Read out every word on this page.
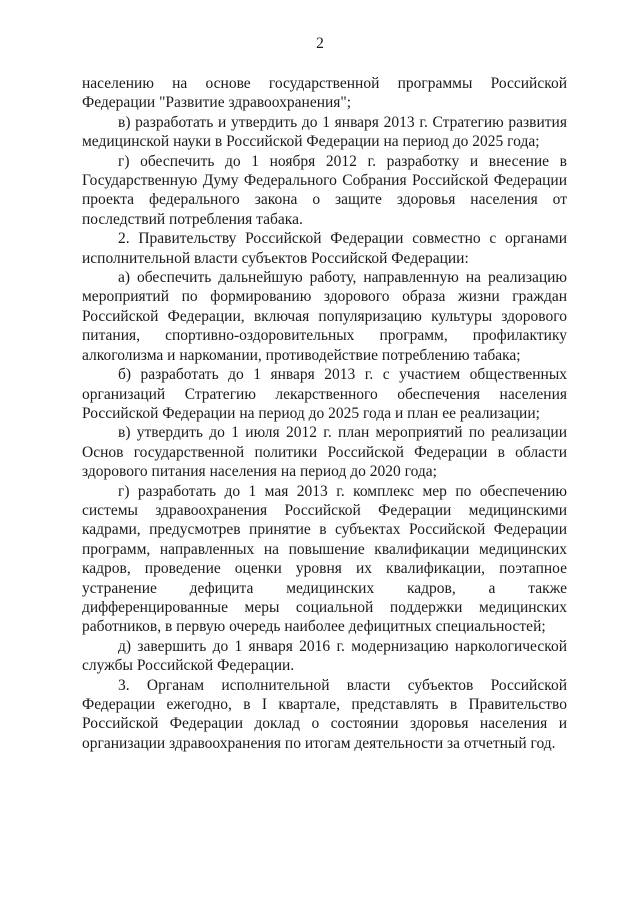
2

населению на основе государственной программы Российской Федерации "Развитие здравоохранения";

в) разработать и утвердить до 1 января 2013 г. Стратегию развития медицинской науки в Российской Федерации на период до 2025 года;

г) обеспечить до 1 ноября 2012 г. разработку и внесение в Государственную Думу Федерального Собрания Российской Федерации проекта федерального закона о защите здоровья населения от последствий потребления табака.

2. Правительству Российской Федерации совместно с органами исполнительной власти субъектов Российской Федерации:

а) обеспечить дальнейшую работу, направленную на реализацию мероприятий по формированию здорового образа жизни граждан Российской Федерации, включая популяризацию культуры здорового питания, спортивно-оздоровительных программ, профилактику алкоголизма и наркомании, противодействие потреблению табака;

б) разработать до 1 января 2013 г. с участием общественных организаций Стратегию лекарственного обеспечения населения Российской Федерации на период до 2025 года и план ее реализации;

в) утвердить до 1 июля 2012 г. план мероприятий по реализации Основ государственной политики Российской Федерации в области здорового питания населения на период до 2020 года;

г) разработать до 1 мая 2013 г. комплекс мер по обеспечению системы здравоохранения Российской Федерации медицинскими кадрами, предусмотрев принятие в субъектах Российской Федерации программ, направленных на повышение квалификации медицинских кадров, проведение оценки уровня их квалификации, поэтапное устранение дефицита медицинских кадров, а также дифференцированные меры социальной поддержки медицинских работников, в первую очередь наиболее дефицитных специальностей;

д) завершить до 1 января 2016 г. модернизацию наркологической службы Российской Федерации.

3. Органам исполнительной власти субъектов Российской Федерации ежегодно, в I квартале, представлять в Правительство Российской Федерации доклад о состоянии здоровья населения и организации здравоохранения по итогам деятельности за отчетный год.
